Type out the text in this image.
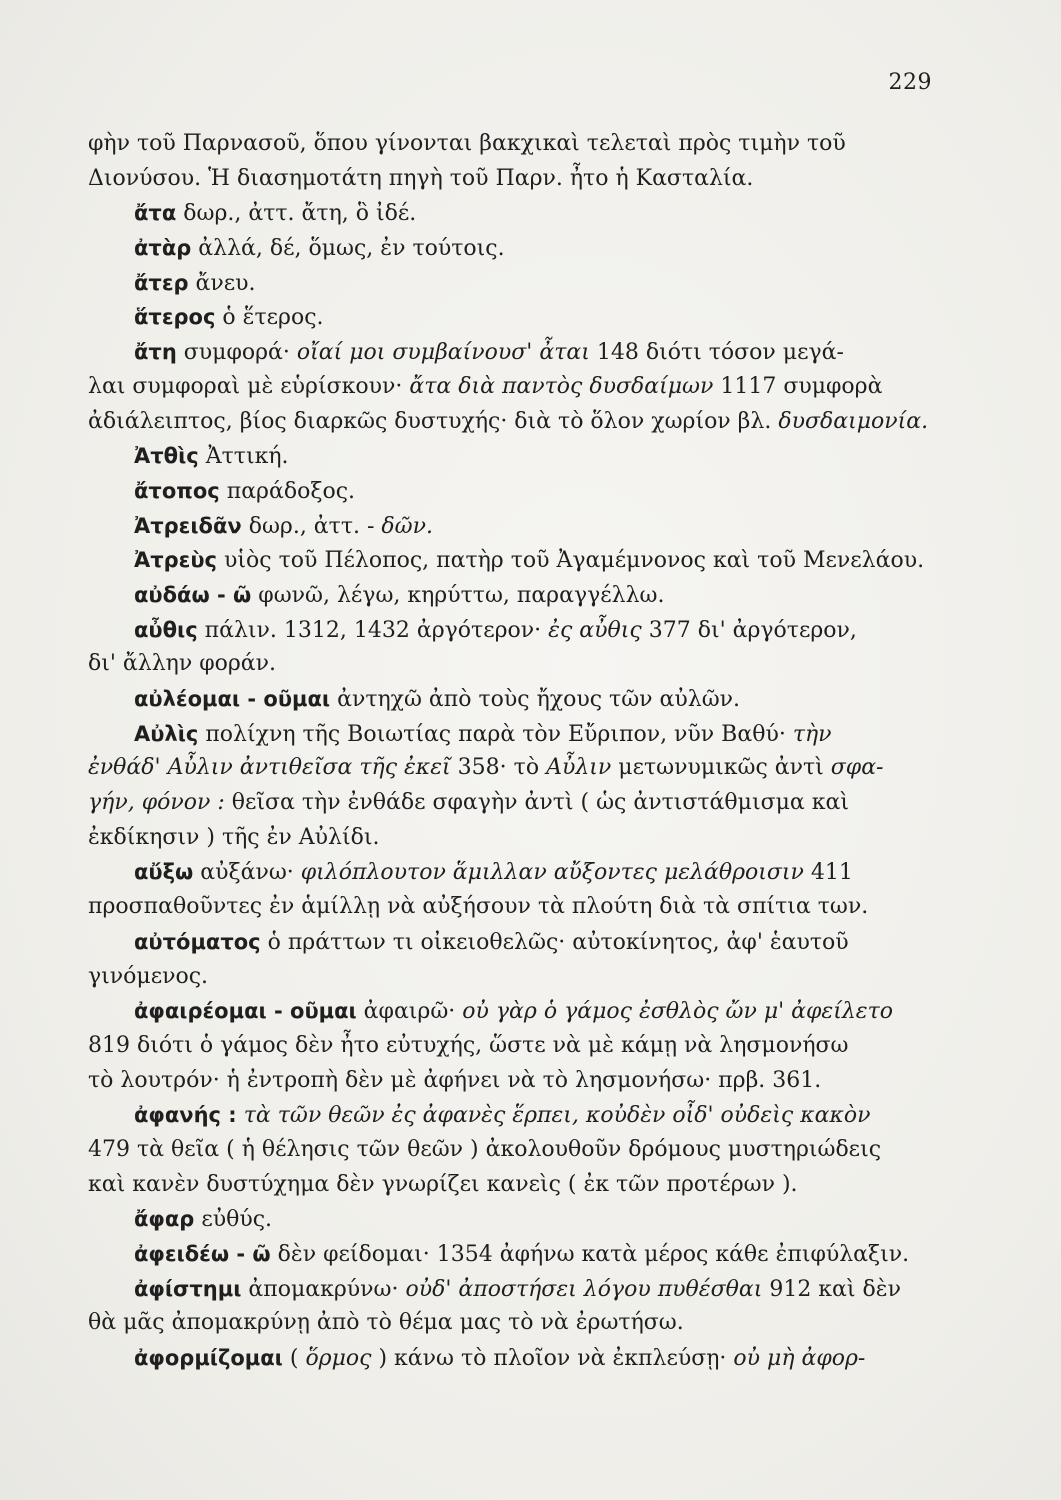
229
φὴν τοῦ Παρνασοῦ, ὅπου γίνονται βακχικαὶ τελεταὶ πρὸς τιμὴν τοῦ
Διονύσου. Ἡ διασημοτάτη πηγὴ τοῦ Παρν. ἦτο ἡ Κασταλία.
ἄτα δωρ., ἀττ. ἄτη, ὃ ἰδέ.
ἀτὰρ ἀλλά, δέ, ὅμως, ἐν τούτοις.
ἄτερ ἄνευ.
ἅτερος ὁ ἕτερος.
ἄτη συμφορά· οἴαί μοι συμβαίνουσ' ἆται 148 διότι τόσον μεγά-
λαι συμφοραὶ μὲ εὑρίσκουν· ἄτα διὰ παντὸς δυσδαίμων 1117 συμφορὰ
ἀδιάλειπτος, βίος διαρκῶς δυστυχής· διὰ τὸ ὅλον χωρίον βλ. δυσδαιμονία.
Ἀτθὶς Ἀττική.
ἄτοπος παράδοξος.
Ἀτρειδᾶν δωρ., ἀττ. - δῶν.
Ἀτρεὺς υἱὸς τοῦ Πέλοπος, πατὴρ τοῦ Ἀγαμέμνονος καὶ τοῦ Μενελάου.
αὐδάω - ῶ φωνῶ, λέγω, κηρύττω, παραγγέλλω.
αὖθις πάλιν. 1312, 1432 ἀργότερον· ἐς αὖθις 377 δι' ἀργότερον,
δι' ἄλλην φοράν.
αὐλέομαι - οῦμαι ἀντηχῶ ἀπὸ τοὺς ἤχους τῶν αὐλῶν.
Αὐλὶς πολίχνη τῆς Βοιωτίας παρὰ τὸν Εὔριπον, νῦν Βαθύ· τὴν
ἐνθάδ' Αὖλιν ἀντιθεῖσα τῆς ἐκεῖ 358· τὸ Αὖλιν μετωνυμικῶς ἀντὶ σφα-
γήν, φόνον : θεῖσα τὴν ἐνθάδε σφαγὴν ἀντὶ ( ὡς ἀντιστάθμισμα καὶ
ἐκδίκησιν ) τῆς ἐν Αὐλίδι.
αὔξω αὐξάνω· φιλόπλουτον ἅμιλλαν αὔξοντες μελάθροισιν 411
προσπαθοῦντες ἐν ἁμίλλῃ νὰ αὐξήσουν τὰ πλούτη διὰ τὰ σπίτια των.
αὐτόματος ὁ πράττων τι οἰκειοθελῶς· αὐτοκίνητος, ἀφ' ἑαυτοῦ
γινόμενος.
ἀφαιρέομαι - οῦμαι ἀφαιρῶ· οὐ γὰρ ὁ γάμος ἐσθλὸς ὤν μ' ἀφείλετο
819 διότι ὁ γάμος δὲν ἦτο εὐτυχής, ὥστε νὰ μὲ κάμῃ νὰ λησμονήσω
τὸ λουτρόν· ἡ ἐντροπὴ δὲν μὲ ἀφήνει νὰ τὸ λησμονήσω· πρβ. 361.
ἀφανής : τὰ τῶν θεῶν ἐς ἀφανὲς ἕρπει, κοὐδὲν οἶδ' οὐδεὶς κακὸν
479 τὰ θεῖα ( ἡ θέλησις τῶν θεῶν ) ἀκολουθοῦν δρόμους μυστηριώδεις
καὶ κανὲν δυστύχημα δὲν γνωρίζει κανεὶς ( ἐκ τῶν προτέρων ).
ἄφαρ εὐθύς.
ἀφειδέω - ῶ δὲν φείδομαι· 1354 ἀφήνω κατὰ μέρος κάθε ἐπιφύλαξιν.
ἀφίστημι ἀπομακρύνω· οὐδ' ἀποστήσει λόγου πυθέσθαι 912 καὶ δὲν
θὰ μᾶς ἀπομακρύνῃ ἀπὸ τὸ θέμα μας τὸ νὰ ἐρωτήσω.
ἀφορμίζομαι ( ὅρμος ) κάνω τὸ πλοῖον νὰ ἐκπλεύσῃ· οὐ μὴ ἀφορ-
